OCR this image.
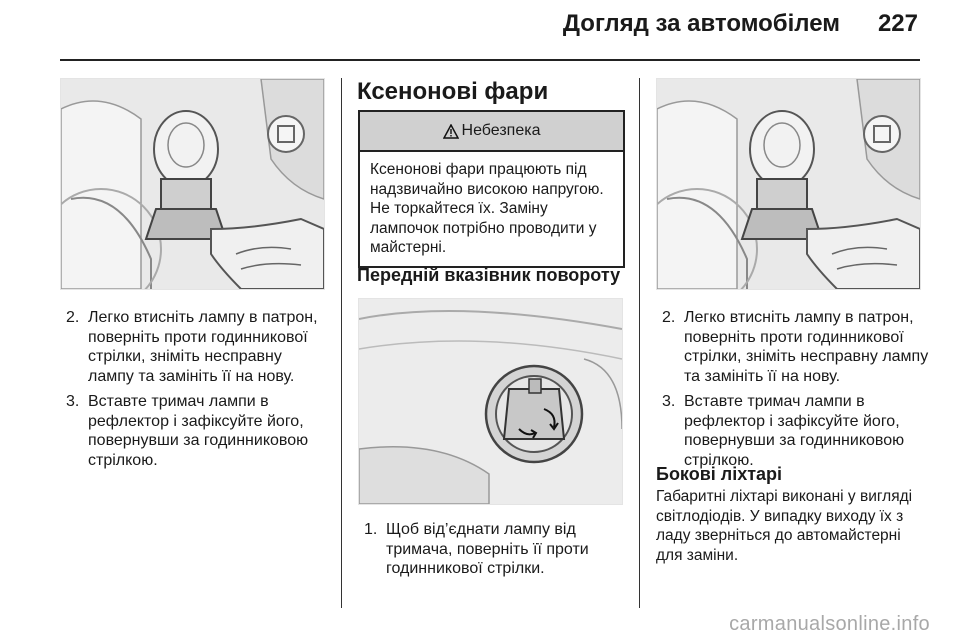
Догляд за автомобілем 227
2. Легко втисніть лампу в патрон, поверніть проти годинникової стрілки, зніміть несправну лампу та замініть її на нову.
3. Вставте тримач лампи в рефлектор і зафіксуйте його, повернувши за годинниковою стрілкою.
Ксенонові фари
Небезпека
Ксенонові фари працюють під надзвичайно високою напругою. Не торкайтеся їх. Заміну лампочок потрібно проводити у майстерні.
Передній вказівник повороту
1. Щоб від’єднати лампу від тримача, поверніть її проти годинникової стрілки.
2. Легко втисніть лампу в патрон, поверніть проти годинникової стрілки, зніміть несправну лампу та замініть її на нову.
3. Вставте тримач лампи в рефлектор і зафіксуйте його, повернувши за годинниковою стрілкою.
Бокові ліхтарі
Габаритні ліхтарі виконані у вигляді світлодіодів. У випадку виходу їх з ладу зверніться до автомайстерні для заміни.
carmanualsonline.info
